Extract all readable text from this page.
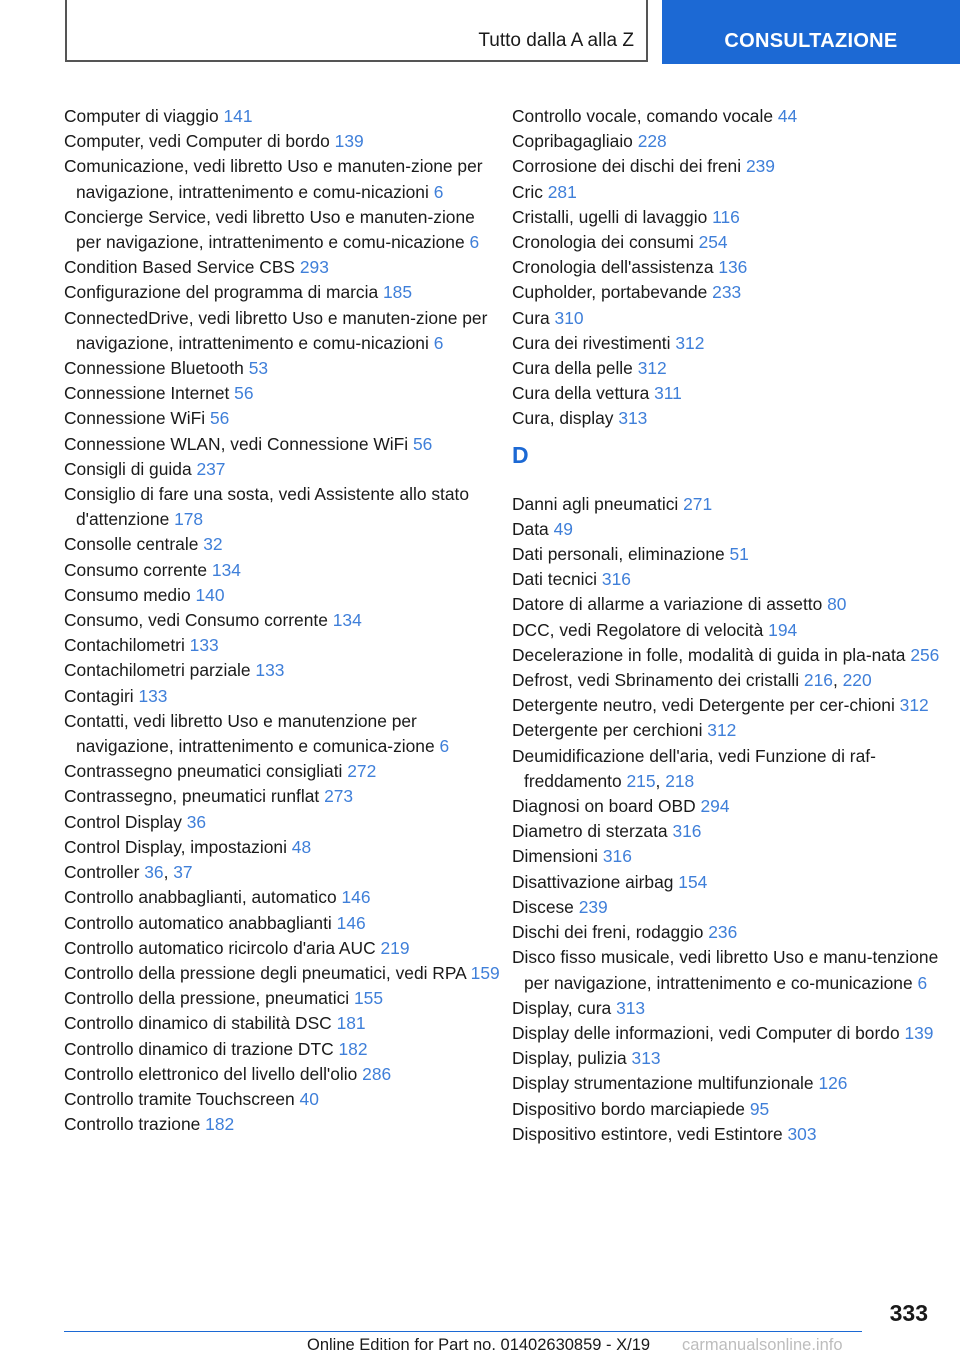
Tutto dalla A alla Z	CONSULTAZIONE
Computer di viaggio 141
Computer, vedi Computer di bordo 139
Comunicazione, vedi libretto Uso e manuten-zione per navigazione, intrattenimento e comu-nicazioni 6
Concierge Service, vedi libretto Uso e manuten-zione per navigazione, intrattenimento e comu-nicazione 6
Condition Based Service CBS 293
Configurazione del programma di marcia 185
ConnectedDrive, vedi libretto Uso e manuten-zione per navigazione, intrattenimento e comu-nicazioni 6
Connessione Bluetooth 53
Connessione Internet 56
Connessione WiFi 56
Connessione WLAN, vedi Connessione WiFi 56
Consigli di guida 237
Consiglio di fare una sosta, vedi Assistente allo stato d'attenzione 178
Consolle centrale 32
Consumo corrente 134
Consumo medio 140
Consumo, vedi Consumo corrente 134
Contachilometri 133
Contachilometri parziale 133
Contagiri 133
Contatti, vedi libretto Uso e manutenzione per navigazione, intrattenimento e comunica-zione 6
Contrassegno pneumatici consigliati 272
Contrassegno, pneumatici runflat 273
Control Display 36
Control Display, impostazioni 48
Controller 36, 37
Controllo anabbaglianti, automatico 146
Controllo automatico anabbaglianti 146
Controllo automatico ricircolo d'aria AUC 219
Controllo della pressione degli pneumatici, vedi RPA 159
Controllo della pressione, pneumatici 155
Controllo dinamico di stabilità DSC 181
Controllo dinamico di trazione DTC 182
Controllo elettronico del livello dell'olio 286
Controllo tramite Touchscreen 40
Controllo trazione 182
Controllo vocale, comando vocale 44
Copribagagliaio 228
Corrosione dei dischi dei freni 239
Cric 281
Cristalli, ugelli di lavaggio 116
Cronologia dei consumi 254
Cronologia dell'assistenza 136
Cupholder, portabevande 233
Cura 310
Cura dei rivestimenti 312
Cura della pelle 312
Cura della vettura 311
Cura, display 313
D
Danni agli pneumatici 271
Data 49
Dati personali, eliminazione 51
Dati tecnici 316
Datore di allarme a variazione di assetto 80
DCC, vedi Regolatore di velocità 194
Decelerazione in folle, modalità di guida in pla-nata 256
Defrost, vedi Sbrinamento dei cristalli 216, 220
Detergente neutro, vedi Detergente per cer-chioni 312
Detergente per cerchioni 312
Deumidificazione dell'aria, vedi Funzione di raf-freddamento 215, 218
Diagnosi on board OBD 294
Diametro di sterzata 316
Dimensioni 316
Disattivazione airbag 154
Discese 239
Dischi dei freni, rodaggio 236
Disco fisso musicale, vedi libretto Uso e manu-tenzione per navigazione, intrattenimento e co-municazione 6
Display, cura 313
Display delle informazioni, vedi Computer di bordo 139
Display, pulizia 313
Display strumentazione multifunzionale 126
Dispositivo bordo marciapiede 95
Dispositivo estintore, vedi Estintore 303
333
Online Edition for Part no. 01402630859 - X/19 carmanualsonline.info
